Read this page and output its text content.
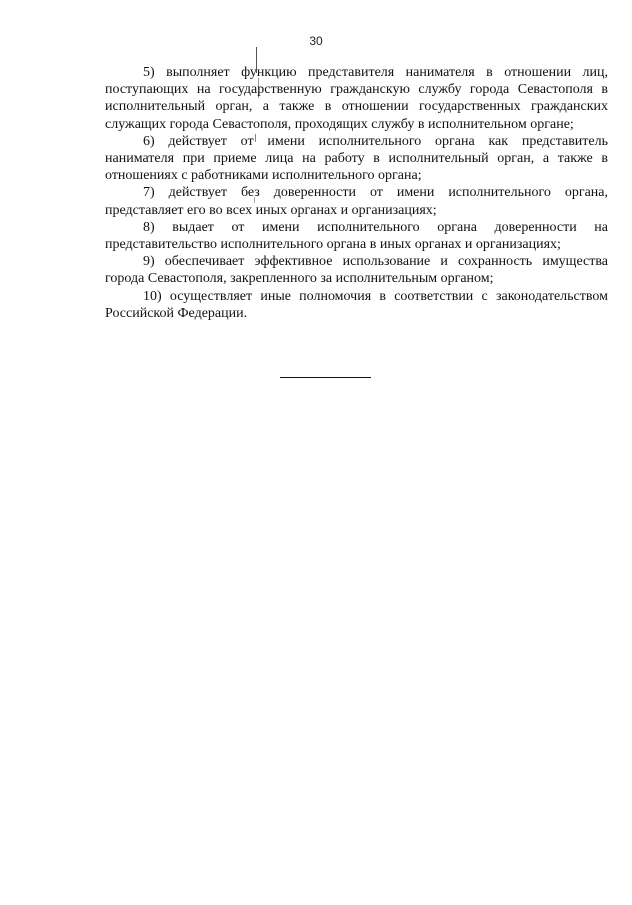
30

5) выполняет функцию представителя нанимателя в отношении лиц, поступающих на государственную гражданскую службу города Севастополя в исполнительный орган, а также в отношении государственных гражданских служащих города Севастополя, проходящих службу в исполнительном органе;

6) действует от имени исполнительного органа как представитель нанимателя при приеме лица на работу в исполнительный орган, а также в отношениях с работниками исполнительного органа;

7) действует без доверенности от имени исполнительного органа, представляет его во всех иных органах и организациях;

8) выдает от имени исполнительного органа доверенности на представительство исполнительного органа в иных органах и организациях;

9) обеспечивает эффективное использование и сохранность имущества города Севастополя, закрепленного за исполнительным органом;

10) осуществляет иные полномочия в соответствии с законодательством Российской Федерации.
